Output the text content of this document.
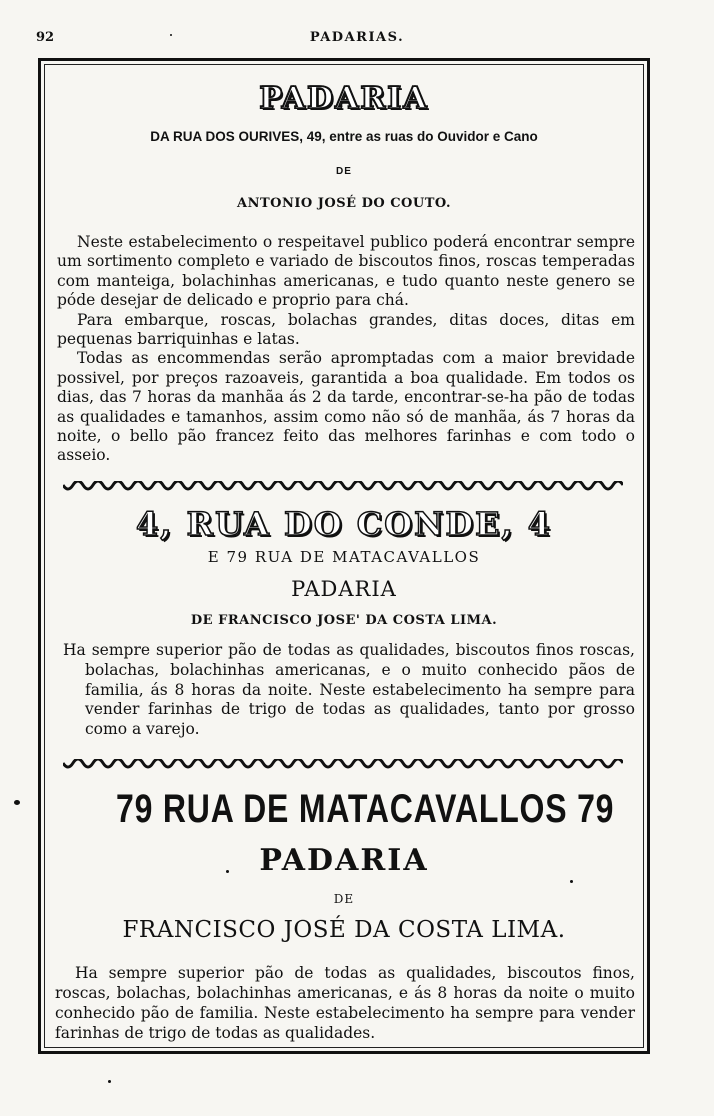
92	PADARIAS.
PADARIA
DA RUA DOS OURIVES, 49, entre as ruas do Ouvidor e Cano
DE
ANTONIO JOSÉ DO COUTO.

Neste estabelecimento o respeitavel publico poderá encontrar sempre um sortimento completo e variado de biscoutos finos, roscas temperadas com manteiga, bolachinhas americanas, e tudo quanto neste genero se póde desejar de delicado e proprio para chá.

Para embarque, roscas, bolachas grandes, ditas doces, ditas em pequenas barriquinhas e latas.

Todas as encommendas serão apromptadas com a maior brevidade possivel, por preços razoaveis, garantida a boa qualidade. Em todos os dias, das 7 horas da manhãa ás 2 da tarde, encontrar-se-ha pão de todas as qualidades e tamanhos, assim como não só de manhãa, ás 7 horas da noite, o bello pão francez feito das melhores farinhas e com todo o asseio.

4, RUA DO CONDE, 4
E 79 RUA DE MATACAVALLOS
PADARIA
DE FRANCISCO JOSE' DA COSTA LIMA.
Ha sempre superior pão de todas as qualidades, biscoutos finos roscas, bolachas, bolachinhas americanas, e o muito conhecido pãos de familia, ás 8 horas da noite. Neste estabelecimento ha sempre para vender farinhas de trigo de todas as qualidades, tanto por grosso como a varejo.
79 RUA DE MATACAVALLOS 79
PADARIA
DE
FRANCISCO JOSÉ DA COSTA LIMA.

Ha sempre superior pão de todas as qualidades, biscoutos finos, roscas, bolachas, bolachinhas americanas, e ás 8 horas da noite o muito conhecido pão de familia. Neste estabelecimento ha sempre para vender farinhas de trigo de todas as qualidades.
